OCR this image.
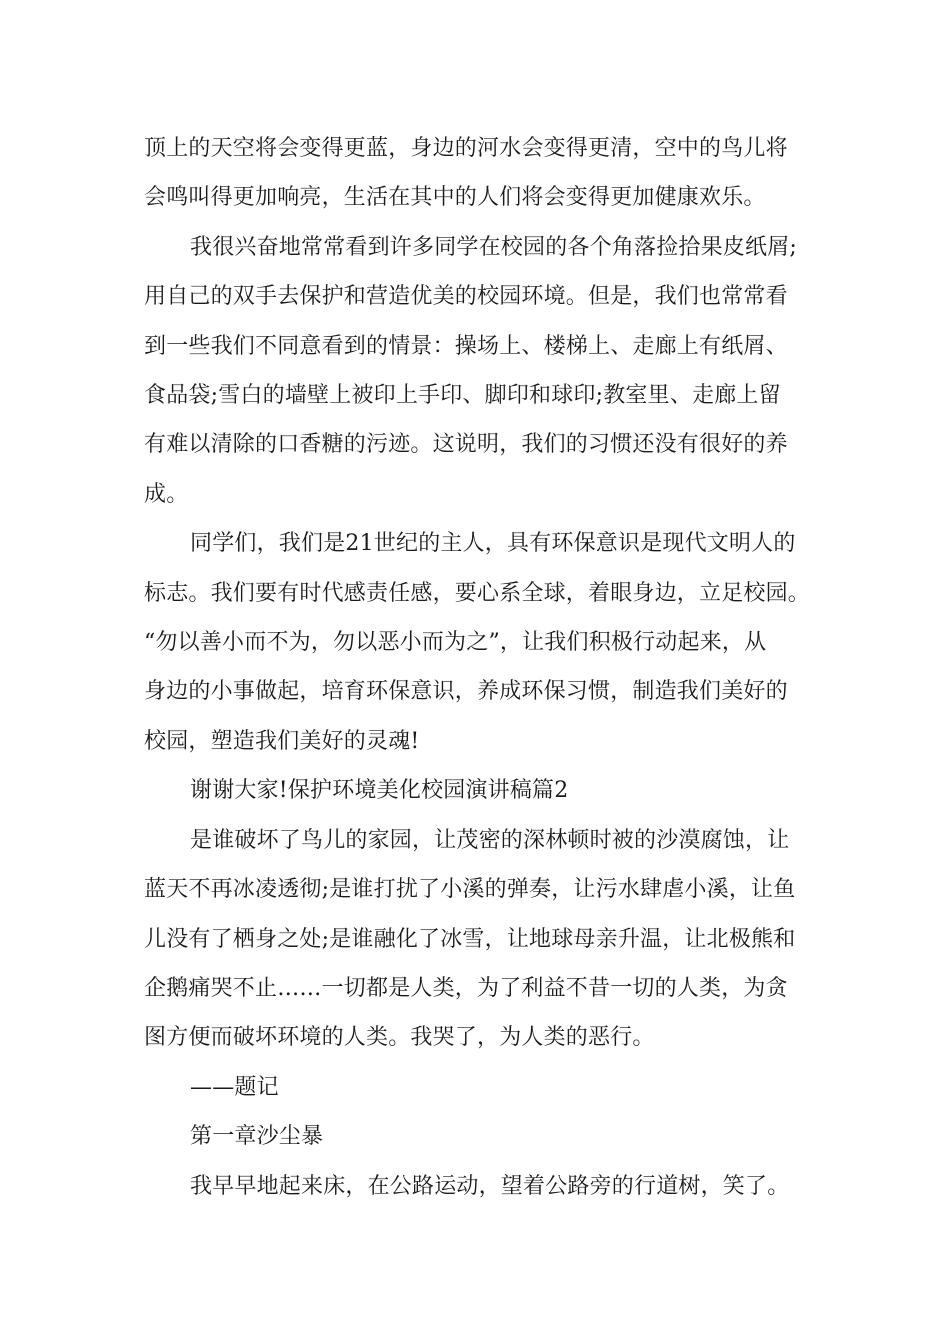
顶上的天空将会变得更蓝，身边的河水会变得更清，空中的鸟儿将
会鸣叫得更加响亮，生活在其中的人们将会变得更加健康欢乐。

我很兴奋地常常看到许多同学在校园的各个角落捡拾果皮纸屑;
用自己的双手去保护和营造优美的校园环境。但是，我们也常常看
到一些我们不同意看到的情景：操场上、楼梯上、走廊上有纸屑、
食品袋;雪白的墙壁上被印上手印、脚印和球印;教室里、走廊上留
有难以清除的口香糖的污迹。这说明，我们的习惯还没有很好的养
成。

同学们，我们是21世纪的主人，具有环保意识是现代文明人的
标志。我们要有时代感责任感，要心系全球，着眼身边，立足校园。
“勿以善小而不为，勿以恶小而为之”，让我们积极行动起来，从
身边的小事做起，培育环保意识，养成环保习惯，制造我们美好的
校园，塑造我们美好的灵魂!

谢谢大家!保护环境美化校园演讲稿篇2

是谁破坏了鸟儿的家园，让茂密的深林顿时被的沙漠腐蚀，让
蓝天不再冰凌透彻;是谁打扰了小溪的弹奏，让污水肆虐小溪，让鱼
儿没有了栖身之处;是谁融化了冰雪，让地球母亲升温，让北极熊和
企鹅痛哭不止……一切都是人类，为了利益不昔一切的人类，为贪
图方便而破坏环境的人类。我哭了，为人类的恶行。

——题记

第一章沙尘暴

我早早地起来床，在公路运动，望着公路旁的行道树，笑了。
